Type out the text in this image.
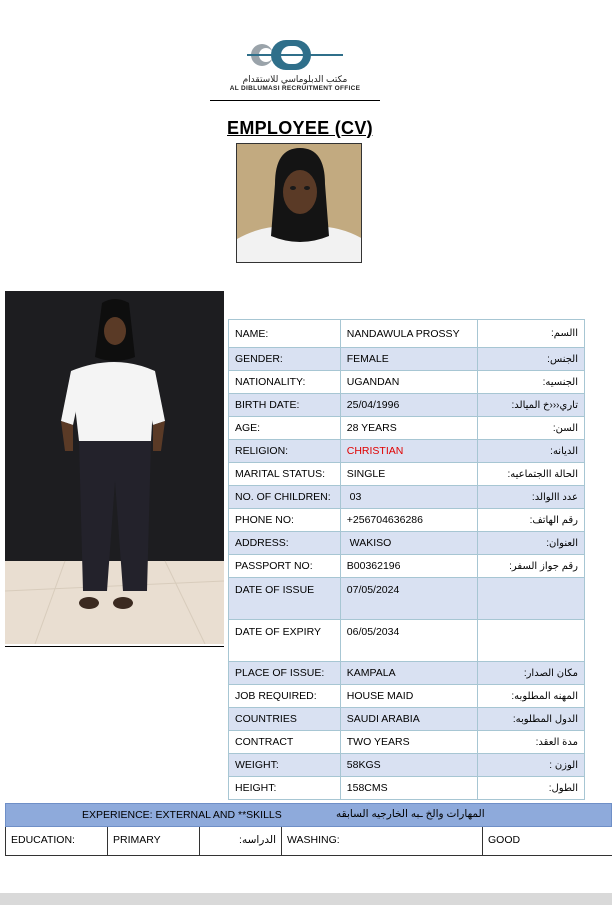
مكتب الدبلوماسي للاستقدام
AL DIBLUMASI RECRUITMENT OFFICE
EMPLOYEE (CV)
NAME:	NANDAWULA PROSSY	االسم:
GENDER:	FEMALE	الجنس:
NATIONALITY:	UGANDAN	الجنسيه:
BIRTH DATE:	25/04/1996	تاري‹‹‹خ الميالد:
AGE:	28 YEARS	السن:
RELIGION:	CHRISTIAN	الديانه:
MARITAL STATUS:	SINGLE	الحالة االجتماعيه:
NO. OF CHILDREN:	03	عدد االوالد:
PHONE NO:	+256704636286	رقم الهاتف:
ADDRESS:	WAKISO	العنوان:
PASSPORT NO:	B00362196	رقم جواز السفر:
DATE OF ISSUE	07/05/2024	
DATE OF EXPIRY	06/05/2034	
PLACE OF ISSUE:	KAMPALA	مكان الصدار:
JOB REQUIRED:	HOUSE MAID	المهنه المطلوبه:
COUNTRIES	SAUDI ARABIA	الدول المطلوبه:
CONTRACT	TWO YEARS	مدة العقد:
WEIGHT:	58KGS	الوزن :
HEIGHT:	158CMS	الطول:
EXPERIENCE: EXTERNAL AND **SKILLS	المهارات والخ ـبه الخارجيه السابقه
EDUCATION:	PRIMARY	الدراسه:	WASHING:	GOOD
